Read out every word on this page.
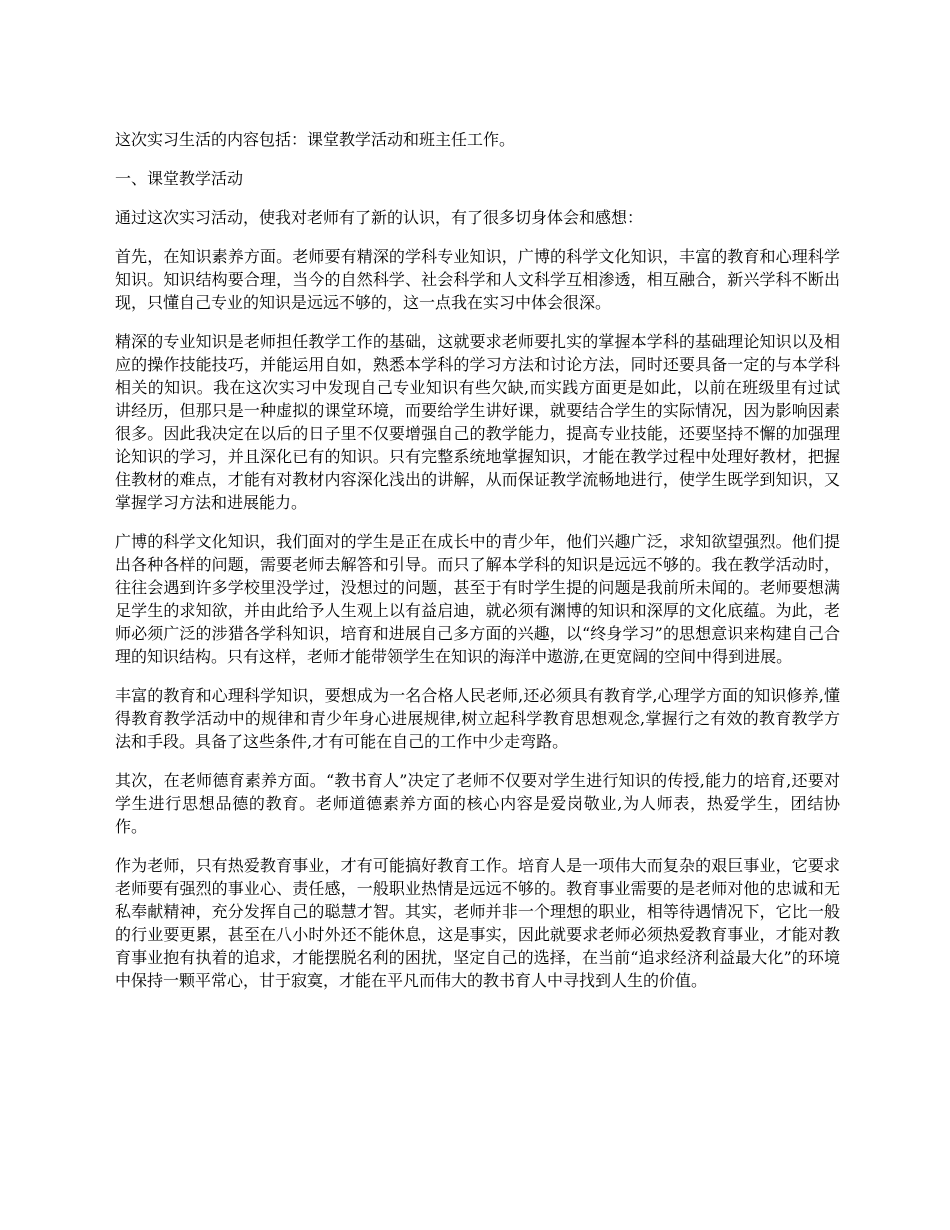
这次实习生活的内容包括：课堂教学活动和班主任工作。

一、课堂教学活动

通过这次实习活动，使我对老师有了新的认识，有了很多切身体会和感想：

首先，在知识素养方面。老师要有精深的学科专业知识，广博的科学文化知识，丰富的教育和心理科学知识。知识结构要合理，当今的自然科学、社会科学和人文科学互相渗透，相互融合，新兴学科不断出现，只懂自己专业的知识是远远不够的，这一点我在实习中体会很深。

精深的专业知识是老师担任教学工作的基础，这就要求老师要扎实的掌握本学科的基础理论知识以及相应的操作技能技巧，并能运用自如，熟悉本学科的学习方法和讨论方法，同时还要具备一定的与本学科相关的知识。我在这次实习中发现自己专业知识有些欠缺,而实践方面更是如此，以前在班级里有过试讲经历，但那只是一种虚拟的课堂环境，而要给学生讲好课，就要结合学生的实际情况，因为影响因素很多。因此我决定在以后的日子里不仅要增强自己的教学能力，提高专业技能，还要坚持不懈的加强理论知识的学习，并且深化已有的知识。只有完整系统地掌握知识，才能在教学过程中处理好教材，把握住教材的难点，才能有对教材内容深化浅出的讲解，从而保证教学流畅地进行，使学生既学到知识，又掌握学习方法和进展能力。

广博的科学文化知识，我们面对的学生是正在成长中的青少年，他们兴趣广泛，求知欲望强烈。他们提出各种各样的问题，需要老师去解答和引导。而只了解本学科的知识是远远不够的。我在教学活动时，往往会遇到许多学校里没学过，没想过的问题，甚至于有时学生提的问题是我前所未闻的。老师要想满足学生的求知欲，并由此给予人生观上以有益启迪，就必须有渊博的知识和深厚的文化底蕴。为此，老师必须广泛的涉猎各学科知识，培育和进展自己多方面的兴趣，以“终身学习”的思想意识来构建自己合理的知识结构。只有这样，老师才能带领学生在知识的海洋中遨游,在更宽阔的空间中得到进展。

丰富的教育和心理科学知识，要想成为一名合格人民老师,还必须具有教育学,心理学方面的知识修养,懂得教育教学活动中的规律和青少年身心进展规律,树立起科学教育思想观念,掌握行之有效的教育教学方法和手段。具备了这些条件,才有可能在自己的工作中少走弯路。

其次，在老师德育素养方面。“教书育人”决定了老师不仅要对学生进行知识的传授,能力的培育,还要对学生进行思想品德的教育。老师道德素养方面的核心内容是爱岗敬业,为人师表，热爱学生，团结协作。

作为老师，只有热爱教育事业，才有可能搞好教育工作。培育人是一项伟大而复杂的艰巨事业，它要求老师要有强烈的事业心、责任感，一般职业热情是远远不够的。教育事业需要的是老师对他的忠诚和无私奉献精神，充分发挥自己的聪慧才智。其实，老师并非一个理想的职业，相等待遇情况下，它比一般的行业要更累，甚至在八小时外还不能休息，这是事实，因此就要求老师必须热爱教育事业，才能对教育事业抱有执着的追求，才能摆脱名利的困扰，坚定自己的选择，在当前“追求经济利益最大化”的环境中保持一颗平常心，甘于寂寞，才能在平凡而伟大的教书育人中寻找到人生的价值。
